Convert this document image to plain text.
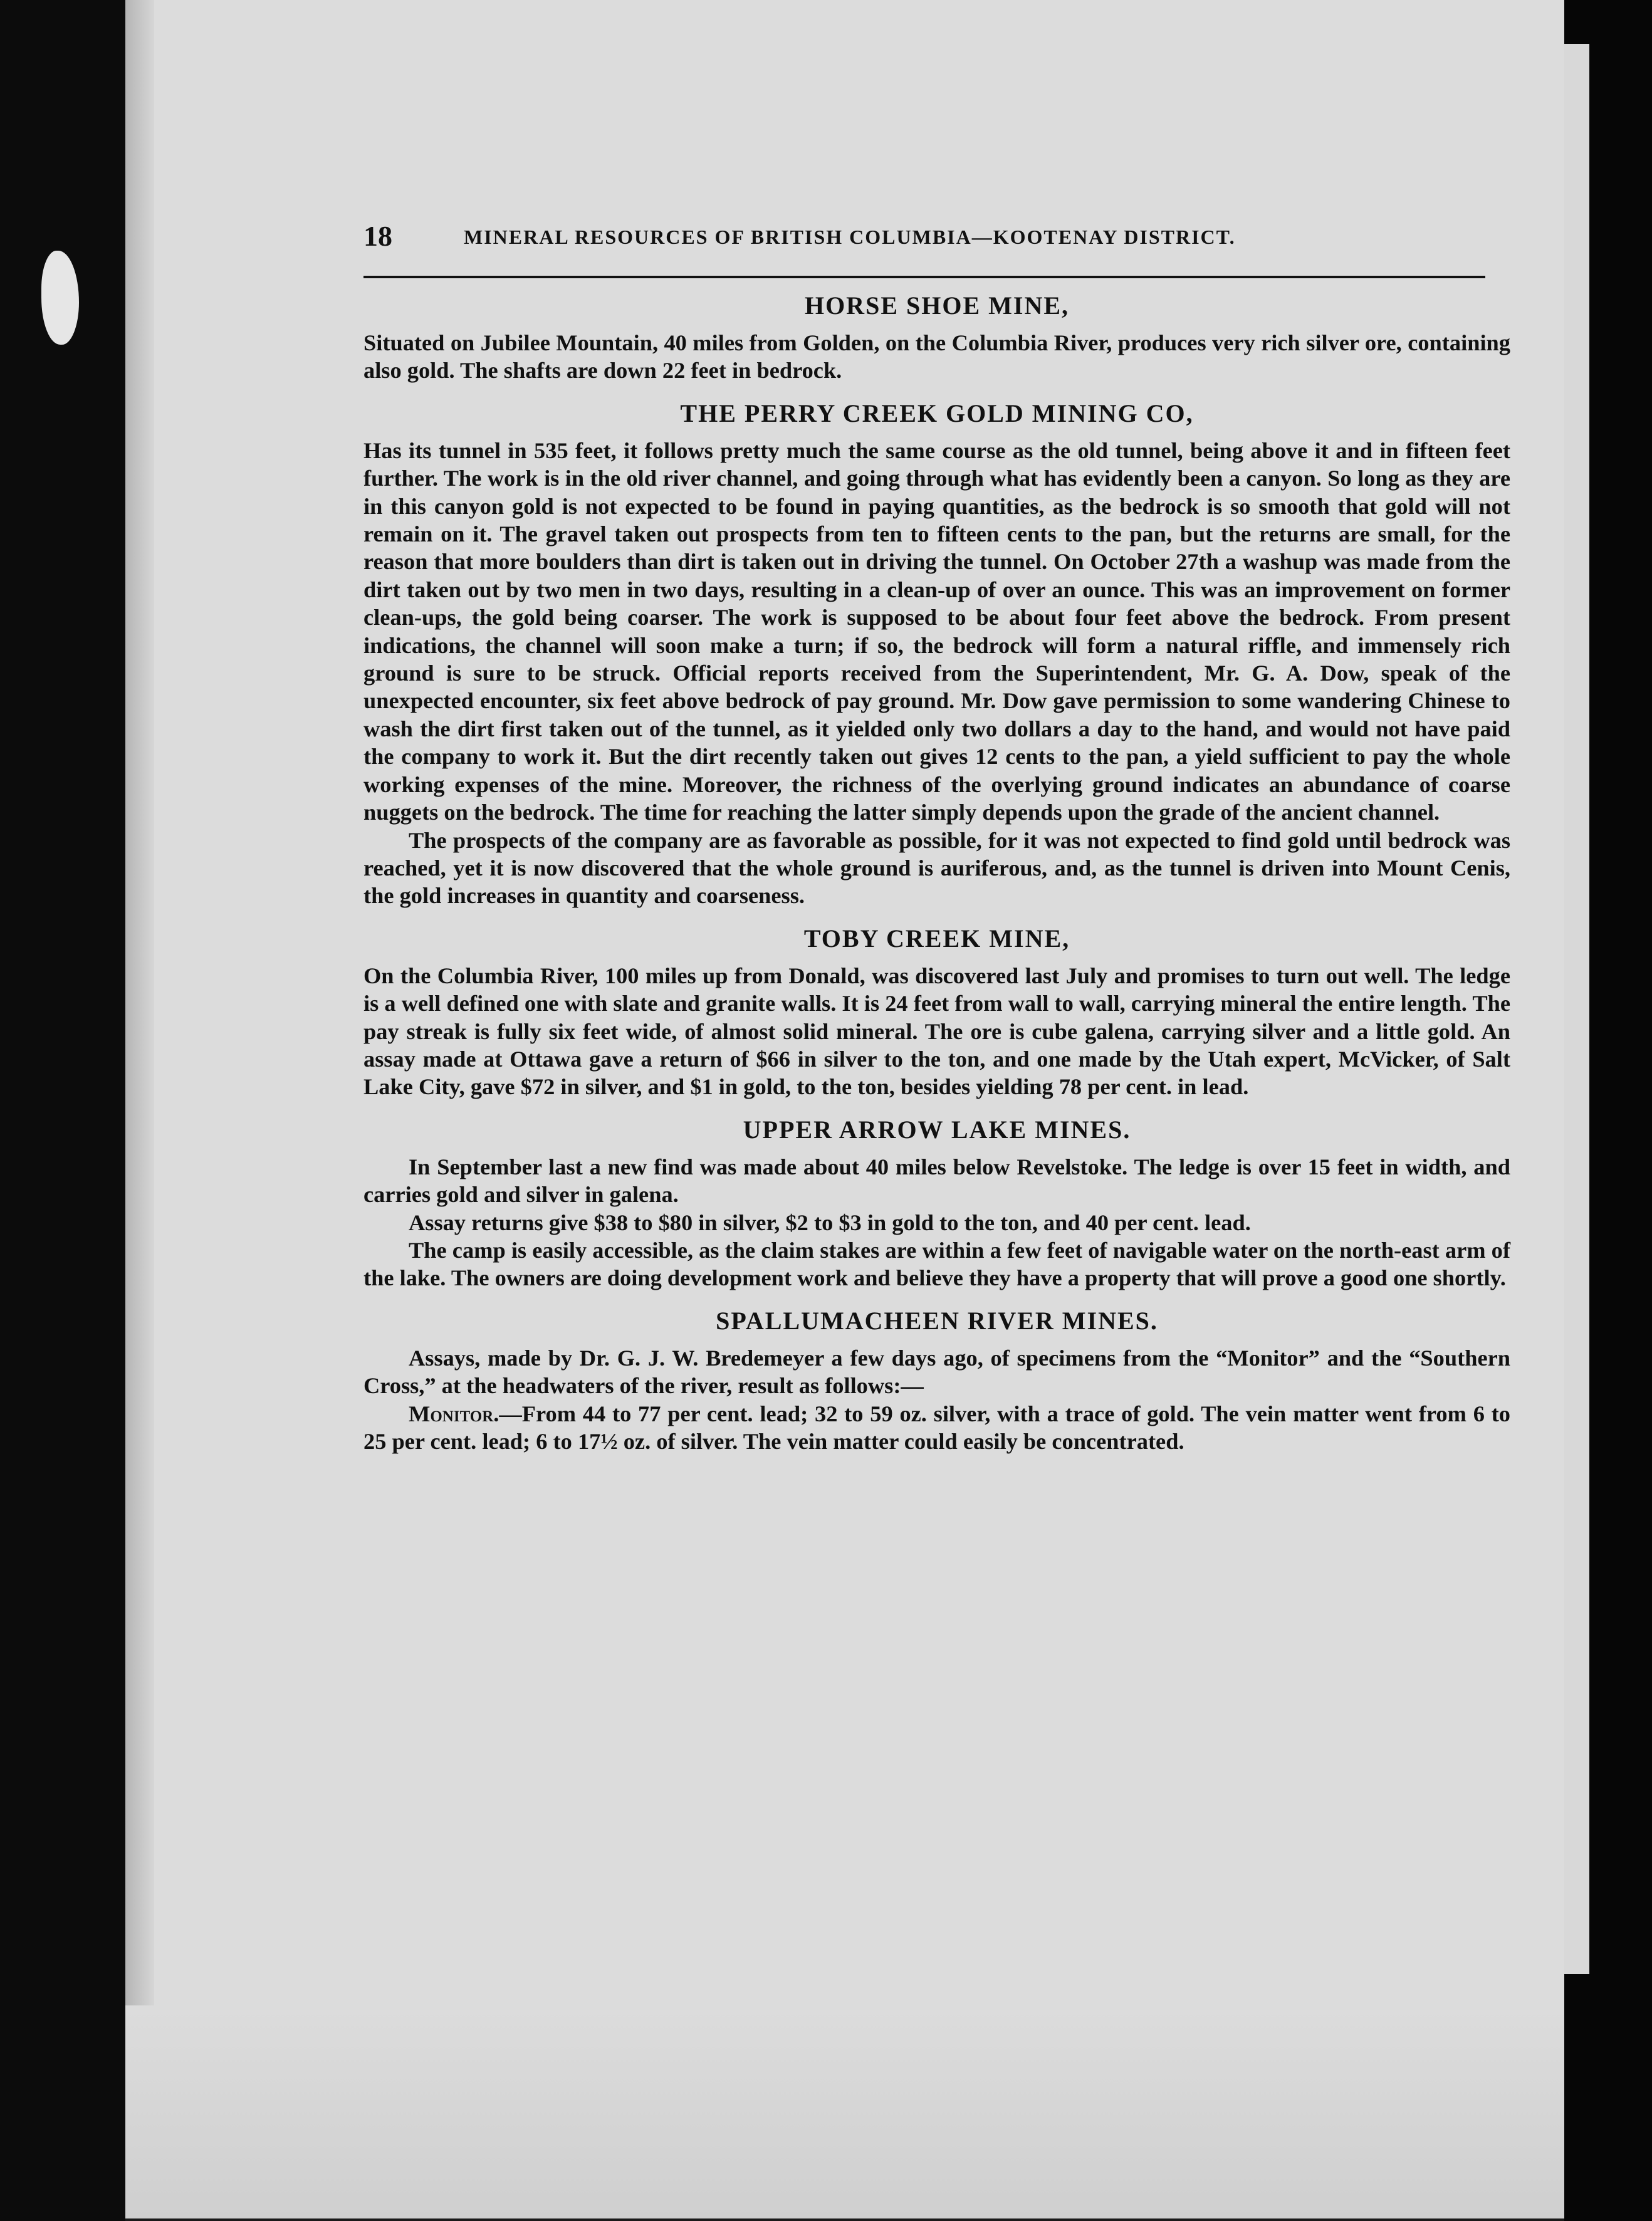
18	MINERAL RESOURCES OF BRITISH COLUMBIA—KOOTENAY DISTRICT.
HORSE SHOE MINE,

Situated on Jubilee Mountain, 40 miles from Golden, on the Columbia River, produces very rich silver ore, containing also gold. The shafts are down 22 feet in bedrock.

THE PERRY CREEK GOLD MINING CO,

Has its tunnel in 535 feet, it follows pretty much the same course as the old tunnel, being above it and in fifteen feet further. The work is in the old river channel, and going through what has evidently been a canyon. So long as they are in this canyon gold is not expected to be found in paying quantities, as the bedrock is so smooth that gold will not remain on it. The gravel taken out prospects from ten to fifteen cents to the pan, but the returns are small, for the reason that more boulders than dirt is taken out in driving the tunnel. On October 27th a washup was made from the dirt taken out by two men in two days, resulting in a clean-up of over an ounce. This was an improvement on former clean-ups, the gold being coarser. The work is supposed to be about four feet above the bedrock. From present indications, the channel will soon make a turn; if so, the bedrock will form a natural riffle, and immensely rich ground is sure to be struck. Official reports received from the Superintendent, Mr. G. A. Dow, speak of the unexpected encounter, six feet above bedrock of pay ground. Mr. Dow gave permission to some wandering Chinese to wash the dirt first taken out of the tunnel, as it yielded only two dollars a day to the hand, and would not have paid the company to work it. But the dirt recently taken out gives 12 cents to the pan, a yield sufficient to pay the whole working expenses of the mine. Moreover, the richness of the overlying ground indicates an abundance of coarse nuggets on the bedrock. The time for reaching the latter simply depends upon the grade of the ancient channel.

The prospects of the company are as favorable as possible, for it was not expected to find gold until bedrock was reached, yet it is now discovered that the whole ground is auriferous, and, as the tunnel is driven into Mount Cenis, the gold increases in quantity and coarseness.

TOBY CREEK MINE,

On the Columbia River, 100 miles up from Donald, was discovered last July and promises to turn out well. The ledge is a well defined one with slate and granite walls. It is 24 feet from wall to wall, carrying mineral the entire length. The pay streak is fully six feet wide, of almost solid mineral. The ore is cube galena, carrying silver and a little gold. An assay made at Ottawa gave a return of $66 in silver to the ton, and one made by the Utah expert, McVicker, of Salt Lake City, gave $72 in silver, and $1 in gold, to the ton, besides yielding 78 per cent. in lead.

UPPER ARROW LAKE MINES.

In September last a new find was made about 40 miles below Revelstoke. The ledge is over 15 feet in width, and carries gold and silver in galena.

Assay returns give $38 to $80 in silver, $2 to $3 in gold to the ton, and 40 per cent. lead.

The camp is easily accessible, as the claim stakes are within a few feet of navigable water on the north-east arm of the lake. The owners are doing development work and believe they have a property that will prove a good one shortly.

SPALLUMACHEEN RIVER MINES.

Assays, made by Dr. G. J. W. Bredemeyer a few days ago, of specimens from the “Monitor” and the “Southern Cross,” at the headwaters of the river, result as follows:—

Monitor.—From 44 to 77 per cent. lead; 32 to 59 oz. silver, with a trace of gold. The vein matter went from 6 to 25 per cent. lead; 6 to 17½ oz. of silver. The vein matter could easily be concentrated.
